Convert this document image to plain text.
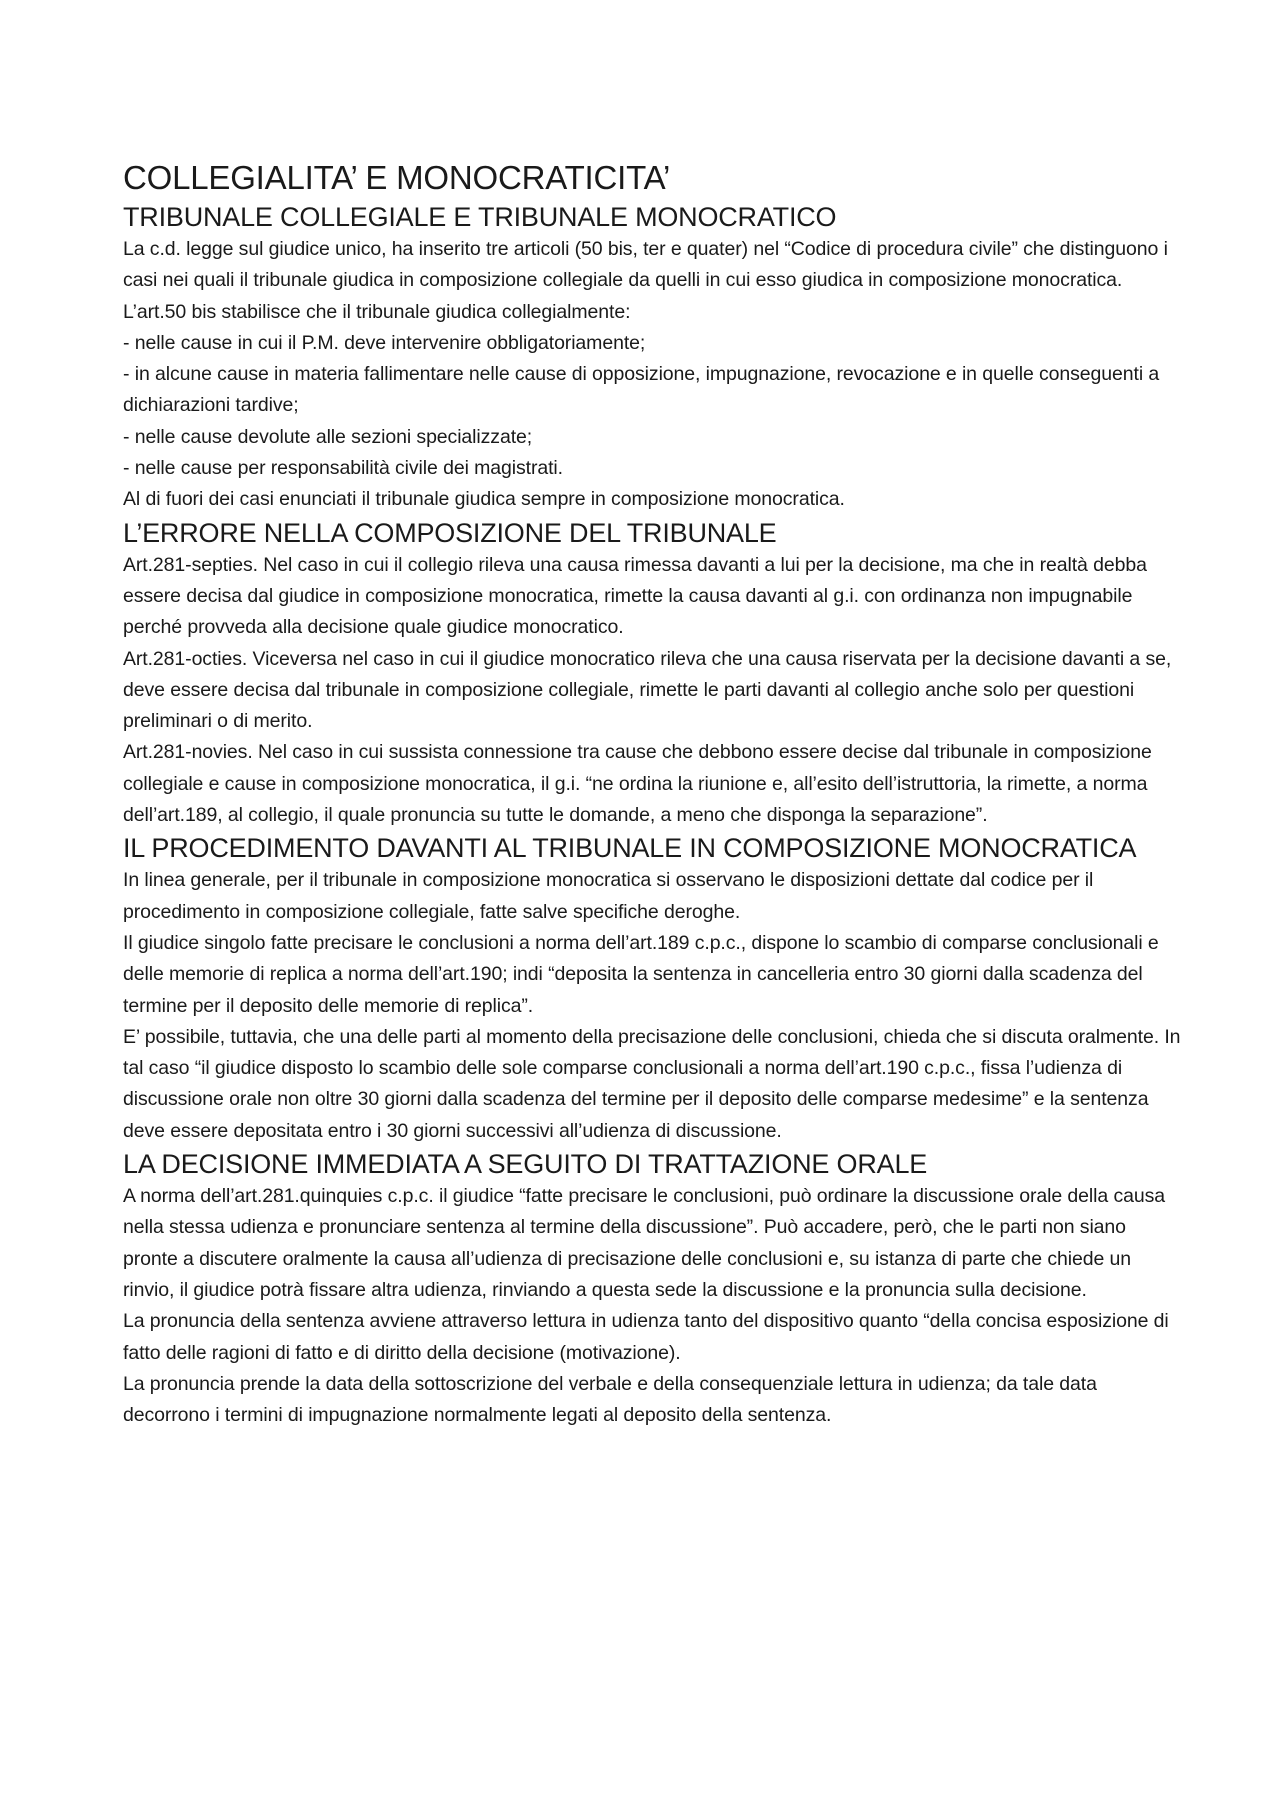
COLLEGIALITA’ E MONOCRATICITA’
TRIBUNALE COLLEGIALE E TRIBUNALE MONOCRATICO

La c.d. legge sul giudice unico, ha inserito tre articoli (50 bis, ter e quater) nel “Codice di procedura civile” che distinguono i casi nei quali il tribunale giudica in composizione collegiale da quelli in cui esso giudica in composizione monocratica.

L’art.50 bis stabilisce che il tribunale giudica collegialmente:

- nelle cause in cui il P.M. deve intervenire obbligatoriamente;

- in alcune cause in materia fallimentare nelle cause di opposizione, impugnazione, revocazione e in quelle conseguenti a dichiarazioni tardive;

- nelle cause devolute alle sezioni specializzate;

- nelle cause per responsabilità civile dei magistrati.

Al di fuori dei casi enunciati il tribunale giudica sempre in composizione monocratica.

L’ERRORE NELLA COMPOSIZIONE DEL TRIBUNALE

Art.281-septies. Nel caso in cui il collegio rileva una causa rimessa davanti a lui per la decisione, ma che in realtà debba essere decisa dal giudice in composizione monocratica, rimette la causa davanti al g.i. con ordinanza non impugnabile perché provveda alla decisione quale giudice monocratico.

Art.281-octies. Viceversa nel caso in cui il giudice monocratico rileva che una causa riservata per la decisione davanti a se, deve essere decisa dal tribunale in composizione collegiale, rimette le parti davanti al collegio anche solo per questioni preliminari o di merito.

Art.281-novies. Nel caso in cui sussista connessione tra cause che debbono essere decise dal tribunale in composizione collegiale e cause in composizione monocratica, il g.i. “ne ordina la riunione e, all’esito dell’istruttoria, la rimette, a norma dell’art.189, al collegio, il quale pronuncia su tutte le domande, a meno che disponga la separazione”.

IL PROCEDIMENTO DAVANTI AL TRIBUNALE IN COMPOSIZIONE MONOCRATICA

In linea generale, per il tribunale in composizione monocratica si osservano le disposizioni dettate dal codice per il procedimento in composizione collegiale, fatte salve specifiche deroghe.

Il giudice singolo fatte precisare le conclusioni a norma dell’art.189 c.p.c., dispone lo scambio di comparse conclusionali e delle memorie di replica a norma dell’art.190; indi “deposita la sentenza in cancelleria entro 30 giorni dalla scadenza del termine per il deposito delle memorie di replica”.

E’ possibile, tuttavia, che una delle parti al momento della precisazione delle conclusioni, chieda che si discuta oralmente. In tal caso “il giudice disposto lo scambio delle sole comparse conclusionali a norma dell’art.190 c.p.c., fissa l’udienza di discussione orale non oltre 30 giorni dalla scadenza del termine per il deposito delle comparse medesime” e la sentenza deve essere depositata entro i 30 giorni successivi all’udienza di discussione.

LA DECISIONE IMMEDIATA A SEGUITO DI TRATTAZIONE ORALE

A norma dell’art.281.quinquies c.p.c. il giudice “fatte precisare le conclusioni, può ordinare la discussione orale della causa nella stessa udienza e pronunciare sentenza al termine della discussione”. Può accadere, però, che le parti non siano pronte a discutere oralmente la causa all’udienza di precisazione delle conclusioni e, su istanza di parte che chiede un rinvio, il giudice potrà fissare altra udienza, rinviando a questa sede la discussione e la pronuncia sulla decisione.

La pronuncia della sentenza avviene attraverso lettura in udienza tanto del dispositivo quanto “della concisa esposizione di fatto delle ragioni di fatto e di diritto della decisione (motivazione).

La pronuncia prende la data della sottoscrizione del verbale e della consequenziale lettura in udienza; da tale data decorrono i termini di impugnazione normalmente legati al deposito della sentenza.
